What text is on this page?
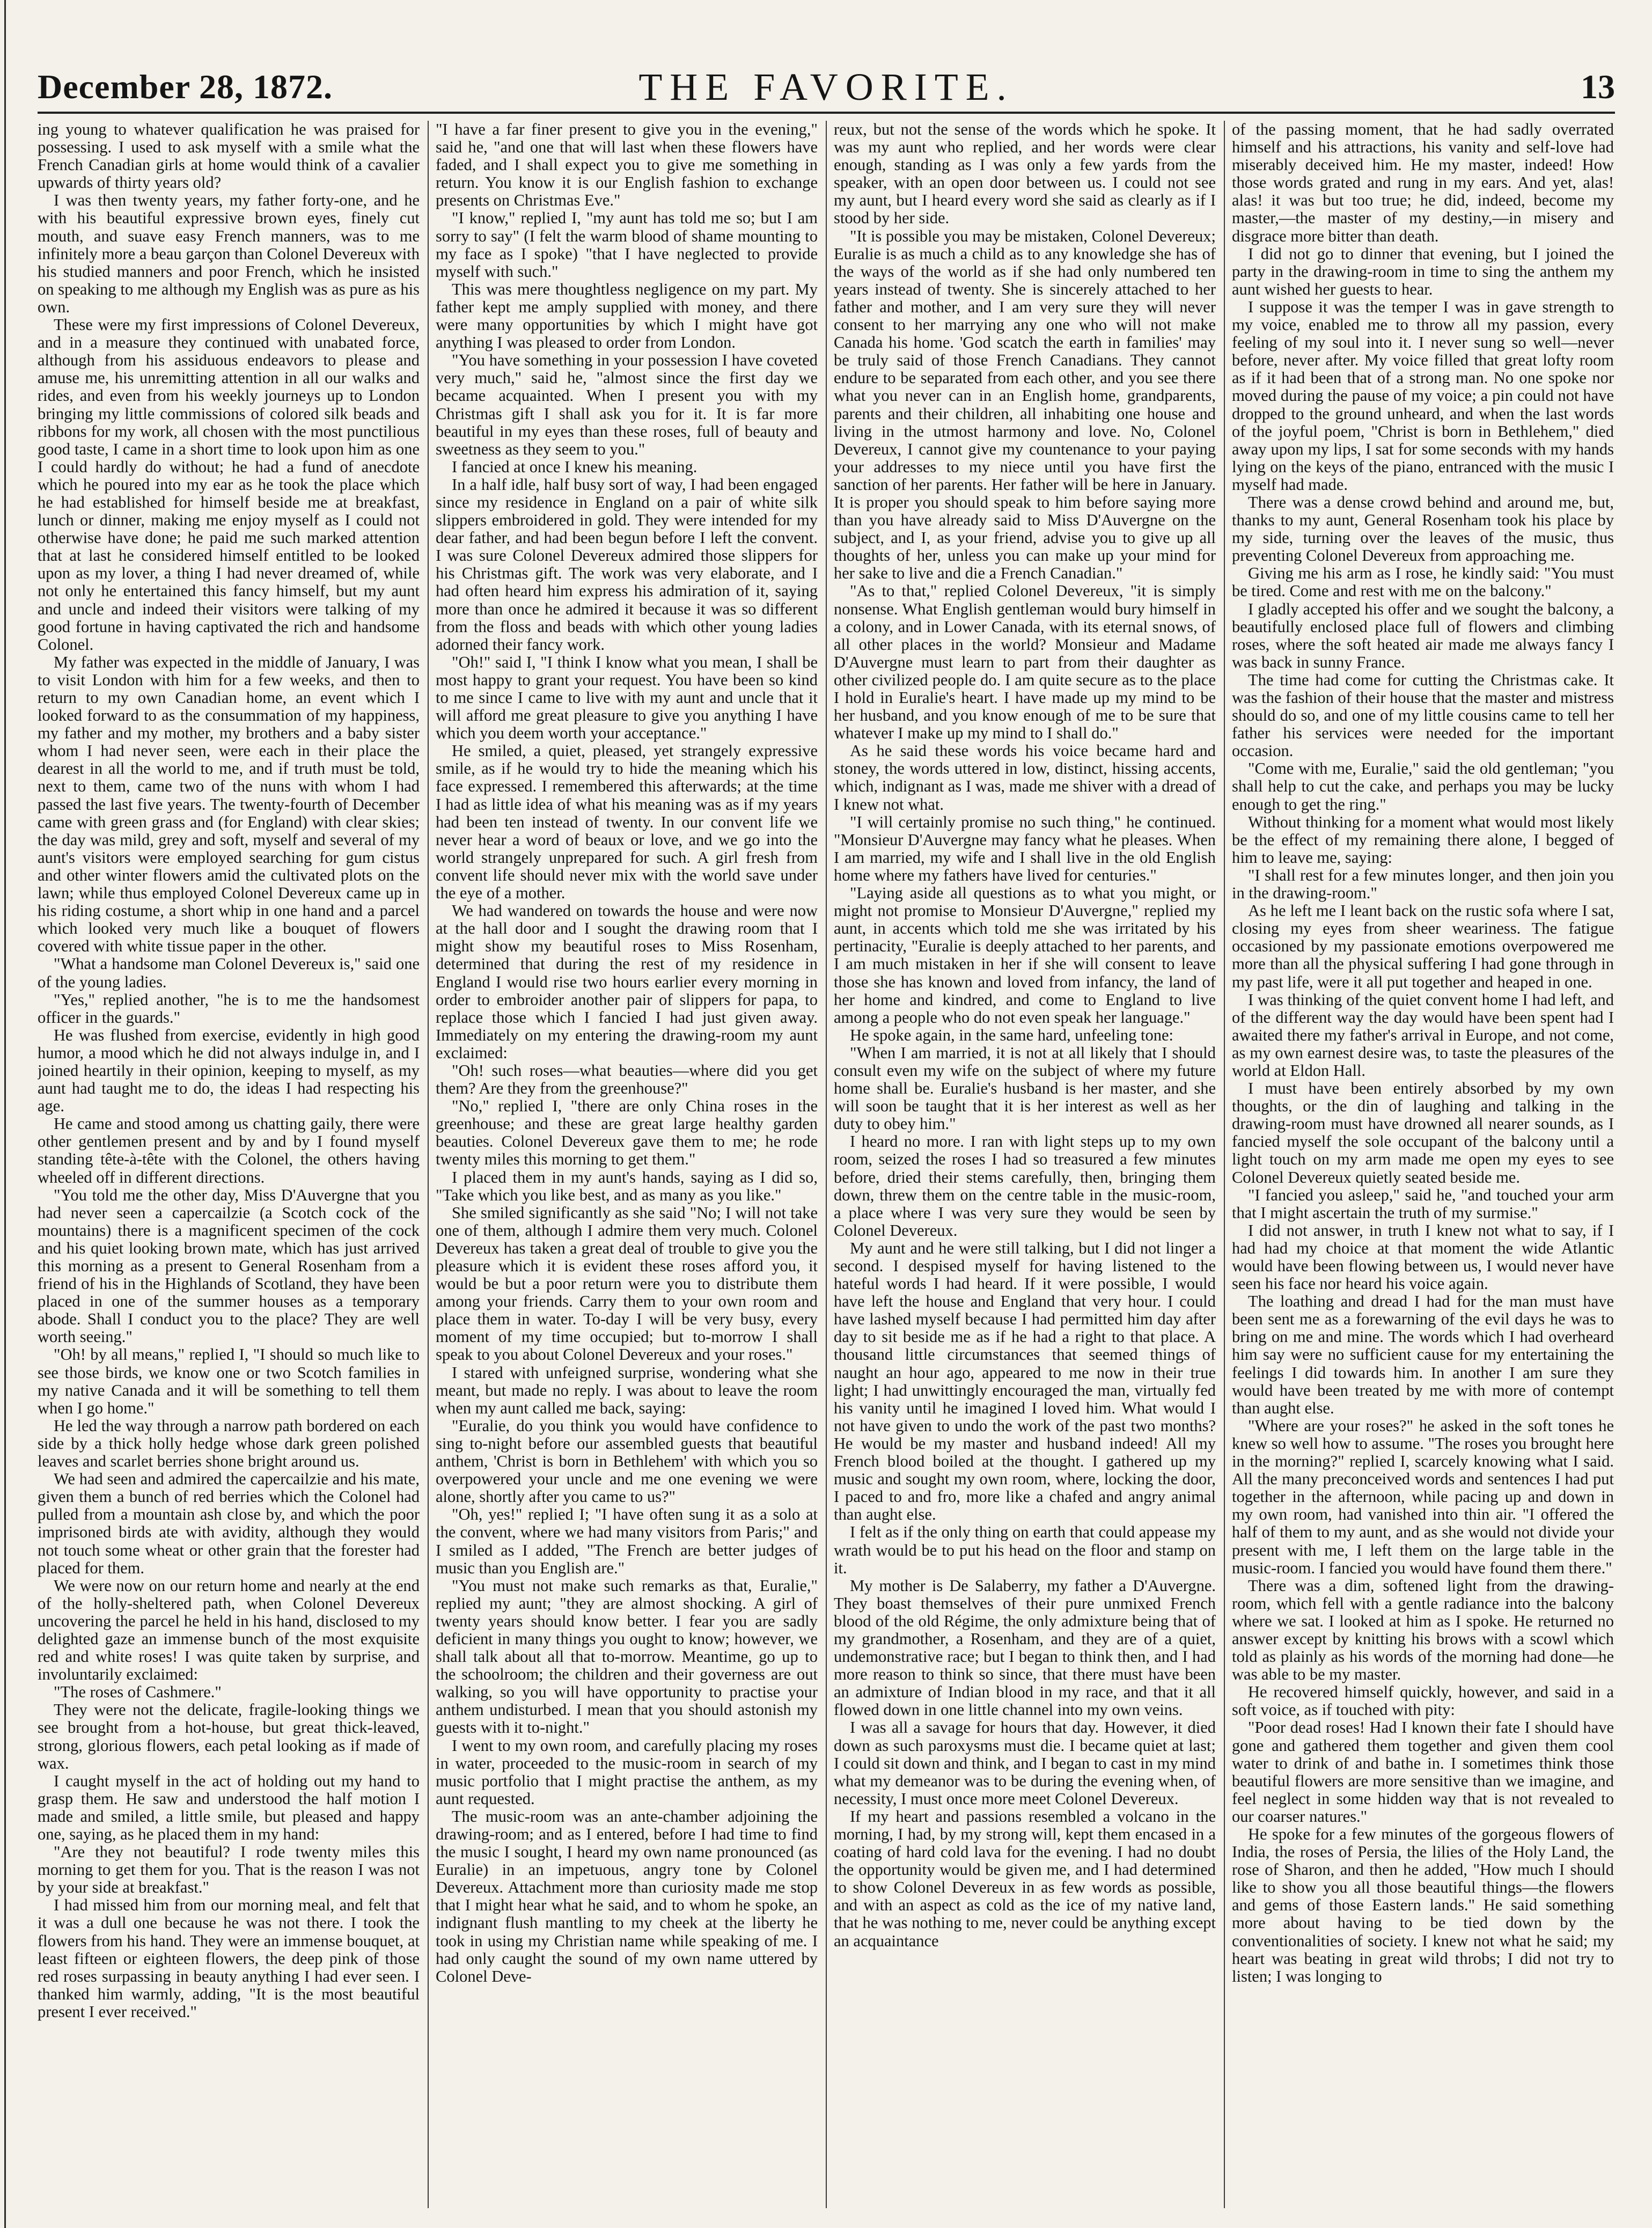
December 28, 1872.	THE FAVORITE.	13

ing young to whatever qualification he was praised for possessing. I used to ask myself with a smile what the French Canadian girls at home would think of a cavalier upwards of thirty years old?

I was then twenty years, my father forty-one, and he with his beautiful expressive brown eyes, finely cut mouth, and suave easy French manners, was to me infinitely more a beau garçon than Colonel Devereux with his studied manners and poor French, which he insisted on speaking to me although my English was as pure as his own.

These were my first impressions of Colonel Devereux, and in a measure they continued with unabated force, although from his assiduous endeavors to please and amuse me, his unremitting attention in all our walks and rides, and even from his weekly journeys up to London bringing my little commissions of colored silk beads and ribbons for my work, all chosen with the most punctilious good taste, I came in a short time to look upon him as one I could hardly do without; he had a fund of anecdote which he poured into my ear as he took the place which he had established for himself beside me at breakfast, lunch or dinner, making me enjoy myself as I could not otherwise have done; he paid me such marked attention that at last he considered himself entitled to be looked upon as my lover, a thing I had never dreamed of, while not only he entertained this fancy himself, but my aunt and uncle and indeed their visitors were talking of my good fortune in having captivated the rich and handsome Colonel.

My father was expected in the middle of January, I was to visit London with him for a few weeks, and then to return to my own Canadian home, an event which I looked forward to as the consummation of my happiness, my father and my mother, my brothers and a baby sister whom I had never seen, were each in their place the dearest in all the world to me, and if truth must be told, next to them, came two of the nuns with whom I had passed the last five years. The twenty-fourth of December came with green grass and (for England) with clear skies; the day was mild, grey and soft, myself and several of my aunt's visitors were employed searching for gum cistus and other winter flowers amid the cultivated plots on the lawn; while thus employed Colonel Devereux came up in his riding costume, a short whip in one hand and a parcel which looked very much like a bouquet of flowers covered with white tissue paper in the other.

"What a handsome man Colonel Devereux is," said one of the young ladies.

"Yes," replied another, "he is to me the handsomest officer in the guards."

He was flushed from exercise, evidently in high good humor, a mood which he did not always indulge in, and I joined heartily in their opinion, keeping to myself, as my aunt had taught me to do, the ideas I had respecting his age.

He came and stood among us chatting gaily, there were other gentlemen present and by and by I found myself standing tête-à-tête with the Colonel, the others having wheeled off in different directions.

"You told me the other day, Miss D'Auvergne that you had never seen a capercailzie (a Scotch cock of the mountains) there is a magnificent specimen of the cock and his quiet looking brown mate, which has just arrived this morning as a present to General Rosenham from a friend of his in the Highlands of Scotland, they have been placed in one of the summer houses as a temporary abode. Shall I conduct you to the place? They are well worth seeing."

"Oh! by all means," replied I, "I should so much like to see those birds, we know one or two Scotch families in my native Canada and it will be something to tell them when I go home."

He led the way through a narrow path bordered on each side by a thick holly hedge whose dark green polished leaves and scarlet berries shone bright around us.

We had seen and admired the capercailzie and his mate, given them a bunch of red berries which the Colonel had pulled from a mountain ash close by, and which the poor imprisoned birds ate with avidity, although they would not touch some wheat or other grain that the forester had placed for them.

We were now on our return home and nearly at the end of the holly-sheltered path, when Colonel Devereux uncovering the parcel he held in his hand, disclosed to my delighted gaze an immense bunch of the most exquisite red and white roses! I was quite taken by surprise, and involuntarily exclaimed:

"The roses of Cashmere."

They were not the delicate, fragile-looking things we see brought from a hot-house, but great thick-leaved, strong, glorious flowers, each petal looking as if made of wax.

I caught myself in the act of holding out my hand to grasp them. He saw and understood the half motion I made and smiled, a little smile, but pleased and happy one, saying, as he placed them in my hand:

"Are they not beautiful? I rode twenty miles this morning to get them for you. That is the reason I was not by your side at breakfast."

I had missed him from our morning meal, and felt that it was a dull one because he was not there. I took the flowers from his hand. They were an immense bouquet, at least fifteen or eighteen flowers, the deep pink of those red roses surpassing in beauty anything I had ever seen. I thanked him warmly, adding, "It is the most beautiful present I ever received."

"I have a far finer present to give you in the evening," said he, "and one that will last when these flowers have faded, and I shall expect you to give me something in return. You know it is our English fashion to exchange presents on Christmas Eve."

"I know," replied I, "my aunt has told me so; but I am sorry to say" (I felt the warm blood of shame mounting to my face as I spoke) "that I have neglected to provide myself with such."

This was mere thoughtless negligence on my part. My father kept me amply supplied with money, and there were many opportunities by which I might have got anything I was pleased to order from London.

"You have something in your possession I have coveted very much," said he, "almost since the first day we became acquainted. When I present you with my Christmas gift I shall ask you for it. It is far more beautiful in my eyes than these roses, full of beauty and sweetness as they seem to you."

I fancied at once I knew his meaning.

In a half idle, half busy sort of way, I had been engaged since my residence in England on a pair of white silk slippers embroidered in gold. They were intended for my dear father, and had been begun before I left the convent. I was sure Colonel Devereux admired those slippers for his Christmas gift. The work was very elaborate, and I had often heard him express his admiration of it, saying more than once he admired it because it was so different from the floss and beads with which other young ladies adorned their fancy work.

"Oh!" said I, "I think I know what you mean, I shall be most happy to grant your request. You have been so kind to me since I came to live with my aunt and uncle that it will afford me great pleasure to give you anything I have which you deem worth your acceptance."

He smiled, a quiet, pleased, yet strangely expressive smile, as if he would try to hide the meaning which his face expressed. I remembered this afterwards; at the time I had as little idea of what his meaning was as if my years had been ten instead of twenty. In our convent life we never hear a word of beaux or love, and we go into the world strangely unprepared for such. A girl fresh from convent life should never mix with the world save under the eye of a mother.

We had wandered on towards the house and were now at the hall door and I sought the drawing room that I might show my beautiful roses to Miss Rosenham, determined that during the rest of my residence in England I would rise two hours earlier every morning in order to embroider another pair of slippers for papa, to replace those which I fancied I had just given away. Immediately on my entering the drawing-room my aunt exclaimed:

"Oh! such roses—what beauties—where did you get them? Are they from the greenhouse?"

"No," replied I, "there are only China roses in the greenhouse; and these are great large healthy garden beauties. Colonel Devereux gave them to me; he rode twenty miles this morning to get them."

I placed them in my aunt's hands, saying as I did so, "Take which you like best, and as many as you like."

She smiled significantly as she said "No; I will not take one of them, although I admire them very much. Colonel Devereux has taken a great deal of trouble to give you the pleasure which it is evident these roses afford you, it would be but a poor return were you to distribute them among your friends. Carry them to your own room and place them in water. To-day I will be very busy, every moment of my time occupied; but to-morrow I shall speak to you about Colonel Devereux and your roses."

I stared with unfeigned surprise, wondering what she meant, but made no reply. I was about to leave the room when my aunt called me back, saying:

"Euralie, do you think you would have confidence to sing to-night before our assembled guests that beautiful anthem, 'Christ is born in Bethlehem' with which you so overpowered your uncle and me one evening we were alone, shortly after you came to us?"

"Oh, yes!" replied I; "I have often sung it as a solo at the convent, where we had many visitors from Paris;" and I smiled as I added, "The French are better judges of music than you English are."

"You must not make such remarks as that, Euralie," replied my aunt; "they are almost shocking. A girl of twenty years should know better. I fear you are sadly deficient in many things you ought to know; however, we shall talk about all that to-morrow. Meantime, go up to the schoolroom; the children and their governess are out walking, so you will have opportunity to practise your anthem undisturbed. I mean that you should astonish my guests with it to-night."

I went to my own room, and carefully placing my roses in water, proceeded to the music-room in search of my music portfolio that I might practise the anthem, as my aunt requested.

The music-room was an ante-chamber adjoining the drawing-room; and as I entered, before I had time to find the music I sought, I heard my own name pronounced (as Euralie) in an impetuous, angry tone by Colonel Devereux. Attachment more than curiosity made me stop that I might hear what he said, and to whom he spoke, an indignant flush mantling to my cheek at the liberty he took in using my Christian name while speaking of me. I had only caught the sound of my own name uttered by Colonel Deve-

reux, but not the sense of the words which he spoke. It was my aunt who replied, and her words were clear enough, standing as I was only a few yards from the speaker, with an open door between us. I could not see my aunt, but I heard every word she said as clearly as if I stood by her side.

"It is possible you may be mistaken, Colonel Devereux; Euralie is as much a child as to any knowledge she has of the ways of the world as if she had only numbered ten years instead of twenty. She is sincerely attached to her father and mother, and I am very sure they will never consent to her marrying any one who will not make Canada his home. 'God scatch the earth in families' may be truly said of those French Canadians. They cannot endure to be separated from each other, and you see there what you never can in an English home, grandparents, parents and their children, all inhabiting one house and living in the utmost harmony and love. No, Colonel Devereux, I cannot give my countenance to your paying your addresses to my niece until you have first the sanction of her parents. Her father will be here in January. It is proper you should speak to him before saying more than you have already said to Miss D'Auvergne on the subject, and I, as your friend, advise you to give up all thoughts of her, unless you can make up your mind for her sake to live and die a French Canadian."

"As to that," replied Colonel Devereux, "it is simply nonsense. What English gentleman would bury himself in a colony, and in Lower Canada, with its eternal snows, of all other places in the world? Monsieur and Madame D'Auvergne must learn to part from their daughter as other civilized people do. I am quite secure as to the place I hold in Euralie's heart. I have made up my mind to be her husband, and you know enough of me to be sure that whatever I make up my mind to I shall do."

As he said these words his voice became hard and stoney, the words uttered in low, distinct, hissing accents, which, indignant as I was, made me shiver with a dread of I knew not what.

"I will certainly promise no such thing," he continued. "Monsieur D'Auvergne may fancy what he pleases. When I am married, my wife and I shall live in the old English home where my fathers have lived for centuries."

"Laying aside all questions as to what you might, or might not promise to Monsieur D'Auvergne," replied my aunt, in accents which told me she was irritated by his pertinacity, "Euralie is deeply attached to her parents, and I am much mistaken in her if she will consent to leave those she has known and loved from infancy, the land of her home and kindred, and come to England to live among a people who do not even speak her language."

He spoke again, in the same hard, unfeeling tone:

"When I am married, it is not at all likely that I should consult even my wife on the subject of where my future home shall be. Euralie's husband is her master, and she will soon be taught that it is her interest as well as her duty to obey him."

I heard no more. I ran with light steps up to my own room, seized the roses I had so treasured a few minutes before, dried their stems carefully, then, bringing them down, threw them on the centre table in the music-room, a place where I was very sure they would be seen by Colonel Devereux.

My aunt and he were still talking, but I did not linger a second. I despised myself for having listened to the hateful words I had heard. If it were possible, I would have left the house and England that very hour. I could have lashed myself because I had permitted him day after day to sit beside me as if he had a right to that place. A thousand little circumstances that seemed things of naught an hour ago, appeared to me now in their true light; I had unwittingly encouraged the man, virtually fed his vanity until he imagined I loved him. What would I not have given to undo the work of the past two months? He would be my master and husband indeed! All my French blood boiled at the thought. I gathered up my music and sought my own room, where, locking the door, I paced to and fro, more like a chafed and angry animal than aught else.

I felt as if the only thing on earth that could appease my wrath would be to put his head on the floor and stamp on it.

My mother is De Salaberry, my father a D'Auvergne. They boast themselves of their pure unmixed French blood of the old Régime, the only admixture being that of my grandmother, a Rosenham, and they are of a quiet, undemonstrative race; but I began to think then, and I had more reason to think so since, that there must have been an admixture of Indian blood in my race, and that it all flowed down in one little channel into my own veins.

I was all a savage for hours that day. However, it died down as such paroxysms must die. I became quiet at last; I could sit down and think, and I began to cast in my mind what my demeanor was to be during the evening when, of necessity, I must once more meet Colonel Devereux.

If my heart and passions resembled a volcano in the morning, I had, by my strong will, kept them encased in a coating of hard cold lava for the evening. I had no doubt the opportunity would be given me, and I had determined to show Colonel Devereux in as few words as possible, and with an aspect as cold as the ice of my native land, that he was nothing to me, never could be anything except an acquaintance

of the passing moment, that he had sadly overrated himself and his attractions, his vanity and self-love had miserably deceived him. He my master, indeed! How those words grated and rung in my ears. And yet, alas! alas! it was but too true; he did, indeed, become my master,—the master of my destiny,—in misery and disgrace more bitter than death.

I did not go to dinner that evening, but I joined the party in the drawing-room in time to sing the anthem my aunt wished her guests to hear.

I suppose it was the temper I was in gave strength to my voice, enabled me to throw all my passion, every feeling of my soul into it. I never sung so well—never before, never after. My voice filled that great lofty room as if it had been that of a strong man. No one spoke nor moved during the pause of my voice; a pin could not have dropped to the ground unheard, and when the last words of the joyful poem, "Christ is born in Bethlehem," died away upon my lips, I sat for some seconds with my hands lying on the keys of the piano, entranced with the music I myself had made.

There was a dense crowd behind and around me, but, thanks to my aunt, General Rosenham took his place by my side, turning over the leaves of the music, thus preventing Colonel Devereux from approaching me.

Giving me his arm as I rose, he kindly said: "You must be tired. Come and rest with me on the balcony."

I gladly accepted his offer and we sought the balcony, a beautifully enclosed place full of flowers and climbing roses, where the soft heated air made me always fancy I was back in sunny France.

The time had come for cutting the Christmas cake. It was the fashion of their house that the master and mistress should do so, and one of my little cousins came to tell her father his services were needed for the important occasion.

"Come with me, Euralie," said the old gentleman; "you shall help to cut the cake, and perhaps you may be lucky enough to get the ring."

Without thinking for a moment what would most likely be the effect of my remaining there alone, I begged of him to leave me, saying:

"I shall rest for a few minutes longer, and then join you in the drawing-room."

As he left me I leant back on the rustic sofa where I sat, closing my eyes from sheer weariness. The fatigue occasioned by my passionate emotions overpowered me more than all the physical suffering I had gone through in my past life, were it all put together and heaped in one.

I was thinking of the quiet convent home I had left, and of the different way the day would have been spent had I awaited there my father's arrival in Europe, and not come, as my own earnest desire was, to taste the pleasures of the world at Eldon Hall.

I must have been entirely absorbed by my own thoughts, or the din of laughing and talking in the drawing-room must have drowned all nearer sounds, as I fancied myself the sole occupant of the balcony until a light touch on my arm made me open my eyes to see Colonel Devereux quietly seated beside me.

"I fancied you asleep," said he, "and touched your arm that I might ascertain the truth of my surmise."

I did not answer, in truth I knew not what to say, if I had had my choice at that moment the wide Atlantic would have been flowing between us, I would never have seen his face nor heard his voice again.

The loathing and dread I had for the man must have been sent me as a forewarning of the evil days he was to bring on me and mine. The words which I had overheard him say were no sufficient cause for my entertaining the feelings I did towards him. In another I am sure they would have been treated by me with more of contempt than aught else.

"Where are your roses?" he asked in the soft tones he knew so well how to assume. "The roses you brought here in the morning?" replied I, scarcely knowing what I said. All the many preconceived words and sentences I had put together in the afternoon, while pacing up and down in my own room, had vanished into thin air. "I offered the half of them to my aunt, and as she would not divide your present with me, I left them on the large table in the music-room. I fancied you would have found them there."

There was a dim, softened light from the drawing-room, which fell with a gentle radiance into the balcony where we sat. I looked at him as I spoke. He returned no answer except by knitting his brows with a scowl which told as plainly as his words of the morning had done—he was able to be my master.

He recovered himself quickly, however, and said in a soft voice, as if touched with pity:

"Poor dead roses! Had I known their fate I should have gone and gathered them together and given them cool water to drink of and bathe in. I sometimes think those beautiful flowers are more sensitive than we imagine, and feel neglect in some hidden way that is not revealed to our coarser natures."

He spoke for a few minutes of the gorgeous flowers of India, the roses of Persia, the lilies of the Holy Land, the rose of Sharon, and then he added, "How much I should like to show you all those beautiful things—the flowers and gems of those Eastern lands." He said something more about having to be tied down by the conventionalities of society. I knew not what he said; my heart was beating in great wild throbs; I did not try to listen; I was longing to
